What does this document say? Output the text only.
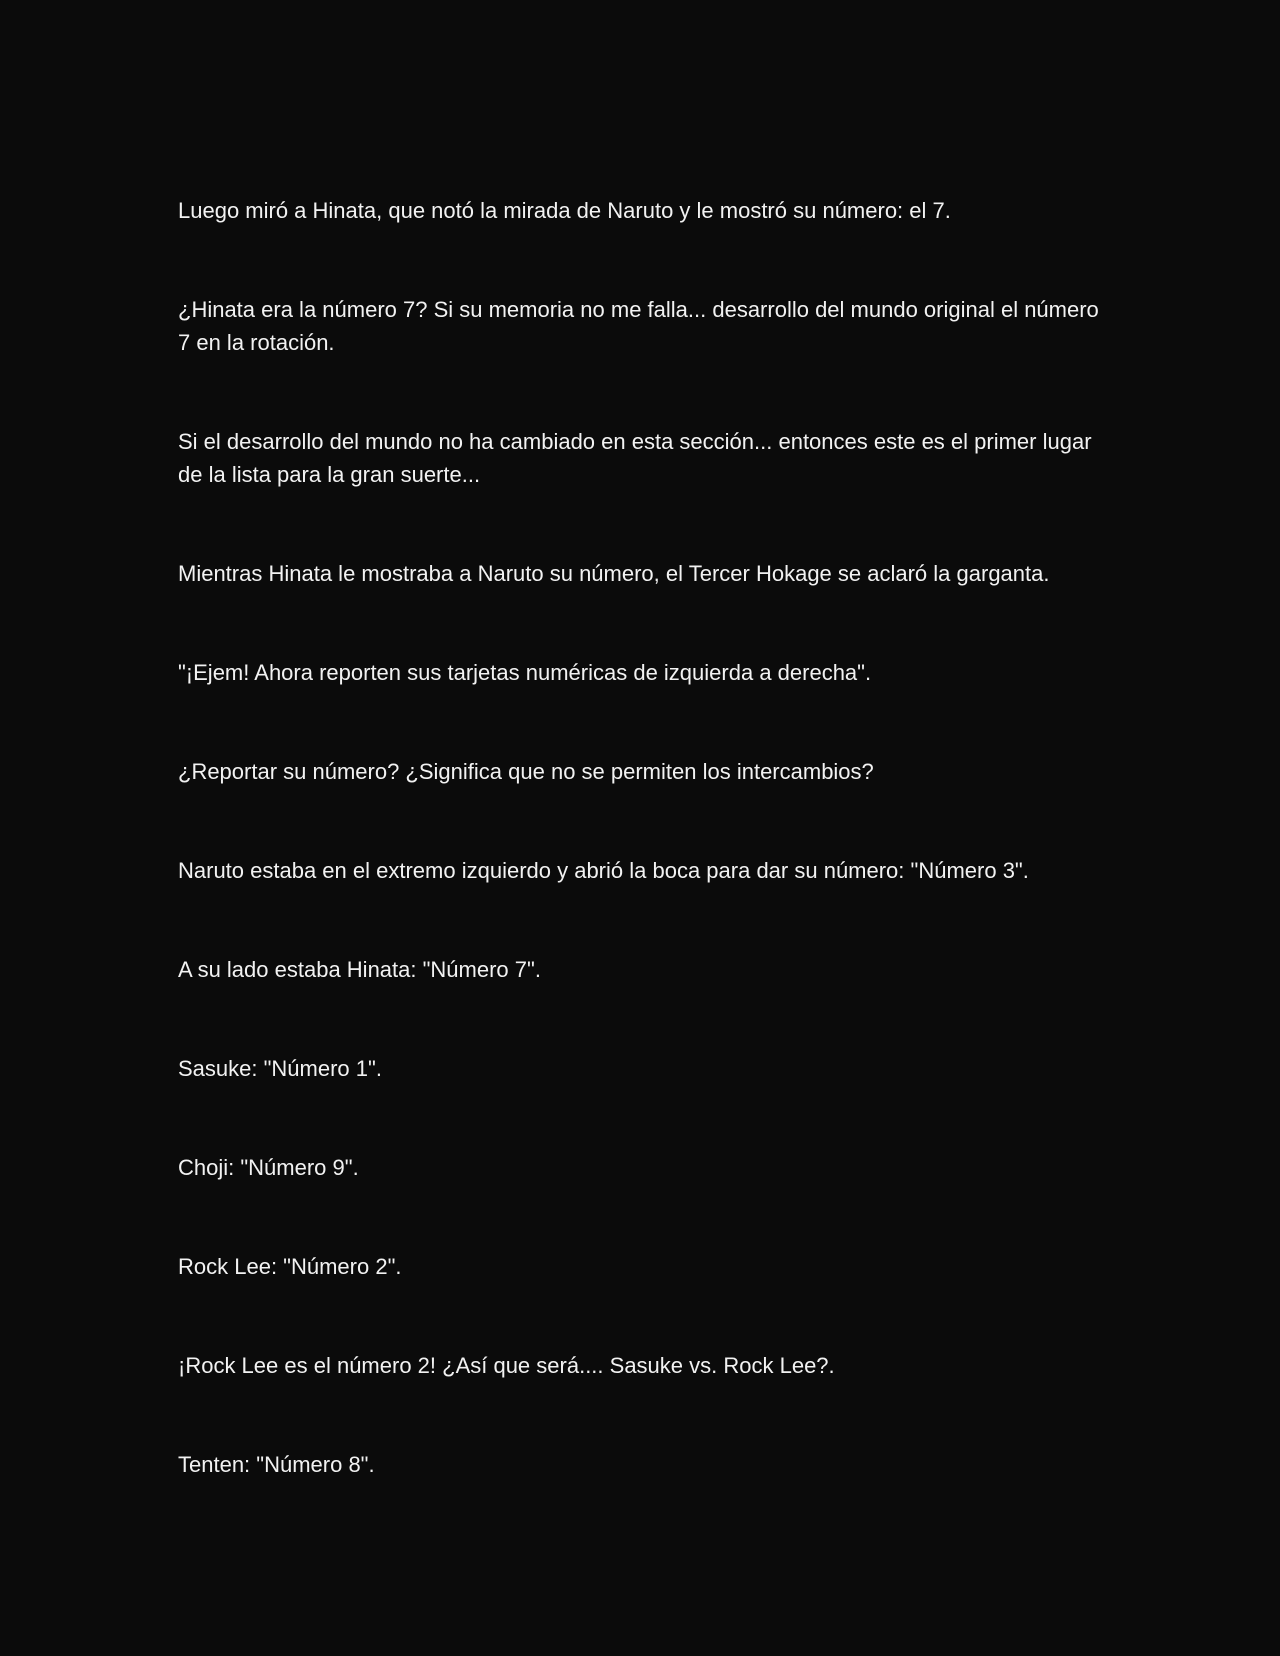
Luego miró a Hinata, que notó la mirada de Naruto y le mostró su número: el 7.

¿Hinata era la número 7? Si su memoria no me falla... desarrollo del mundo original el número 7 en la rotación.

Si el desarrollo del mundo no ha cambiado en esta sección... entonces este es el primer lugar de la lista para la gran suerte...

Mientras Hinata le mostraba a Naruto su número, el Tercer Hokage se aclaró la garganta.

"¡Ejem! Ahora reporten sus tarjetas numéricas de izquierda a derecha".

¿Reportar su número? ¿Significa que no se permiten los intercambios?

Naruto estaba en el extremo izquierdo y abrió la boca para dar su número: "Número 3".

A su lado estaba Hinata: "Número 7".

Sasuke: "Número 1".

Choji: "Número 9".

Rock Lee: "Número 2".

¡Rock Lee es el número 2! ¿Así que será.... Sasuke vs. Rock Lee?.

Tenten: "Número 8".
